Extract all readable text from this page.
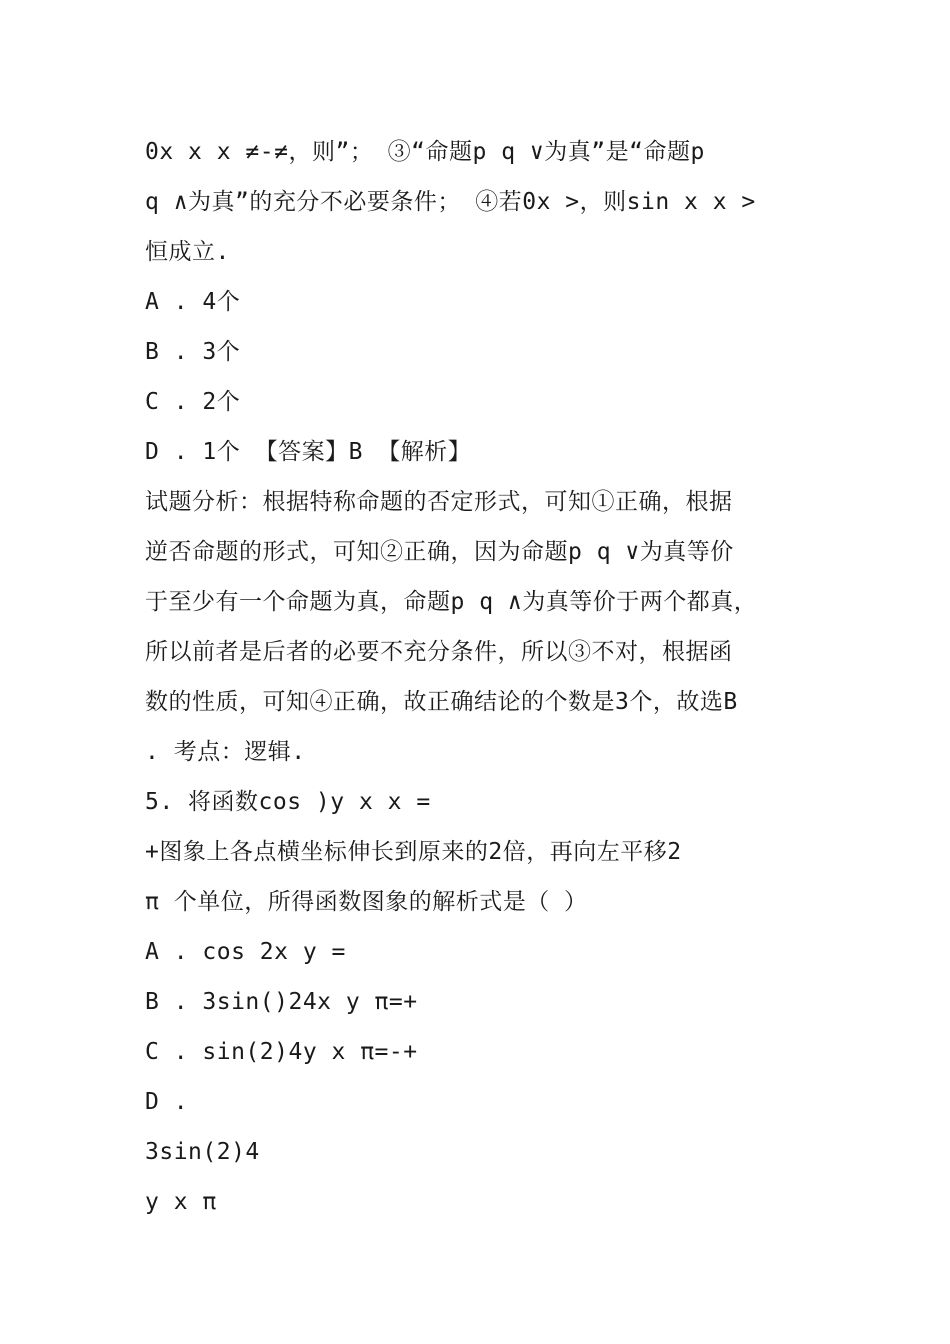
0x x x ≠-≠，则”； ③“命题p q ∨为真”是“命题p
q ∧为真”的充分不必要条件； ④若0x >，则sin x x >
恒成立.
A . 4个
B . 3个
C . 2个
D . 1个 【答案】B 【解析】
试题分析：根据特称命题的否定形式，可知①正确，根据
逆否命题的形式，可知②正确，因为命题p q ∨为真等价
于至少有一个命题为真，命题p q ∧为真等价于两个都真，
所以前者是后者的必要不充分条件，所以③不对，根据函
数的性质，可知④正确，故正确结论的个数是3个，故选B
. 考点：逻辑.
5. 将函数cos )y x x =
+图象上各点横坐标伸长到原来的2倍，再向左平移2
π 个单位，所得函数图象的解析式是（ ）
A . cos 2x y =
B . 3sin()24x y π=+
C . sin(2)4y x π=-+
D .
3sin(2)4
y x π
